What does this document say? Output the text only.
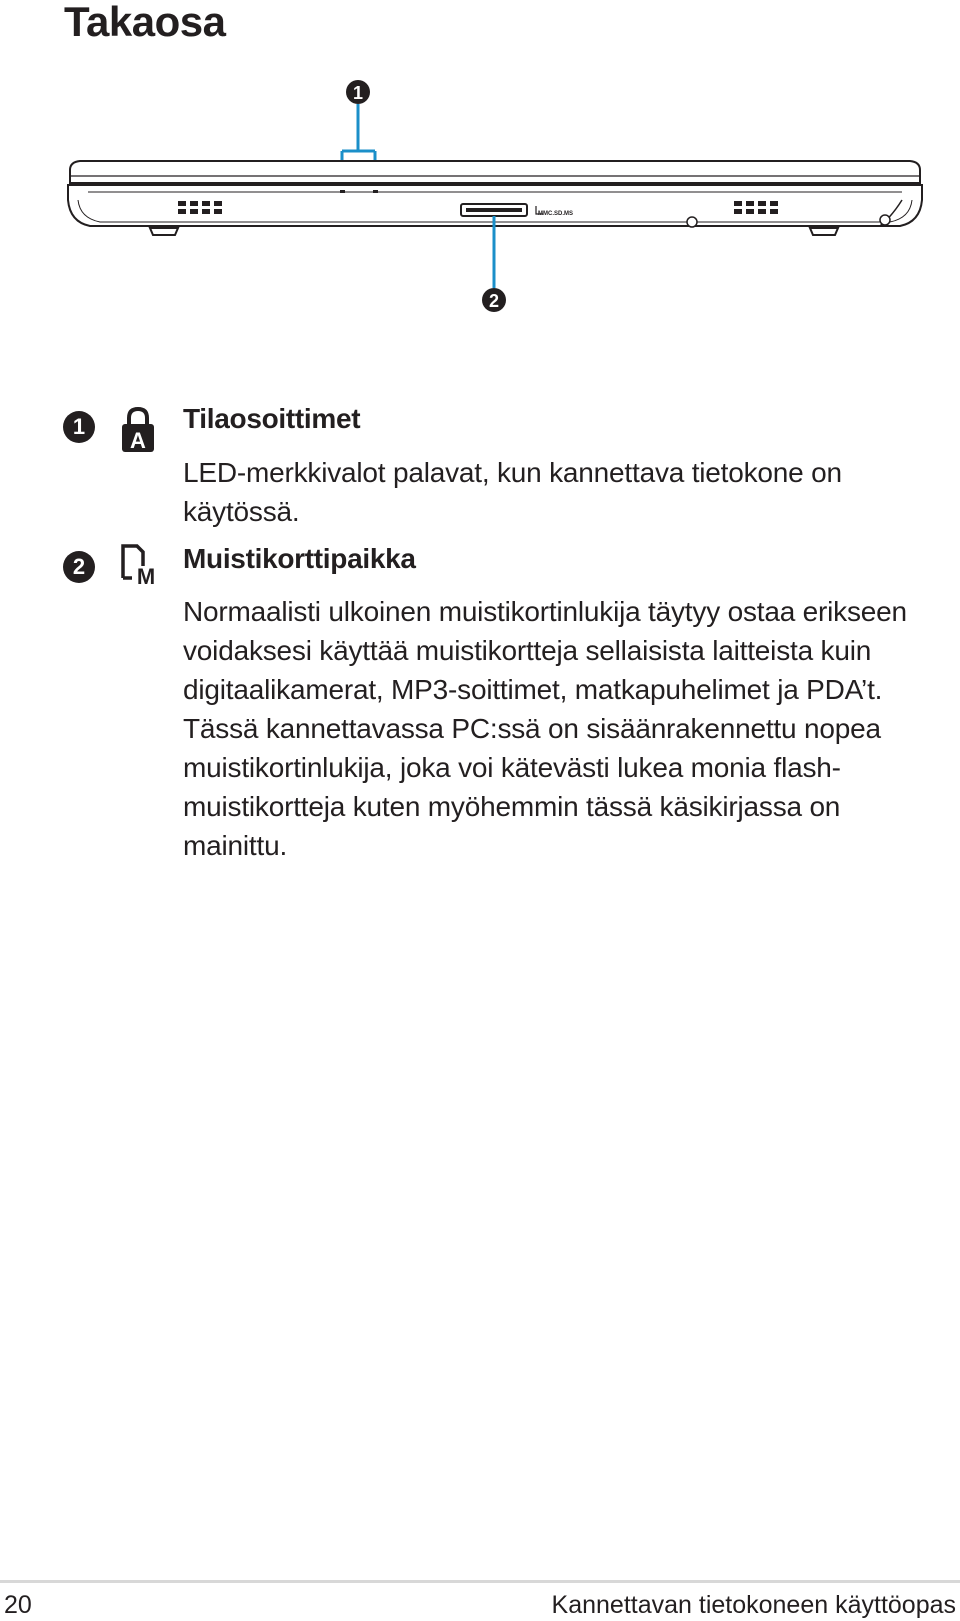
Takaosa
1
MMC.SD.MS
2
1
A
Tilaosoittimet

LED-merkkivalot palavat, kun kannettava tietokone on käytössä.

2	M
Muistikorttipaikka

Normaalisti ulkoinen muistikortinlukija täytyy ostaa erikseen voidaksesi käyttää muistikortteja sellaisista laitteista kuin digitaalikamerat, MP3-soittimet, matkapuhelimet ja PDA’t. Tässä kannettavassa PC:ssä on sisäänrakennettu nopea muistikortinlukija, joka voi kätevästi lukea monia flash-muistikortteja kuten myöhemmin tässä käsikirjassa on mainittu.

20	Kannettavan tietokoneen käyttöopas
